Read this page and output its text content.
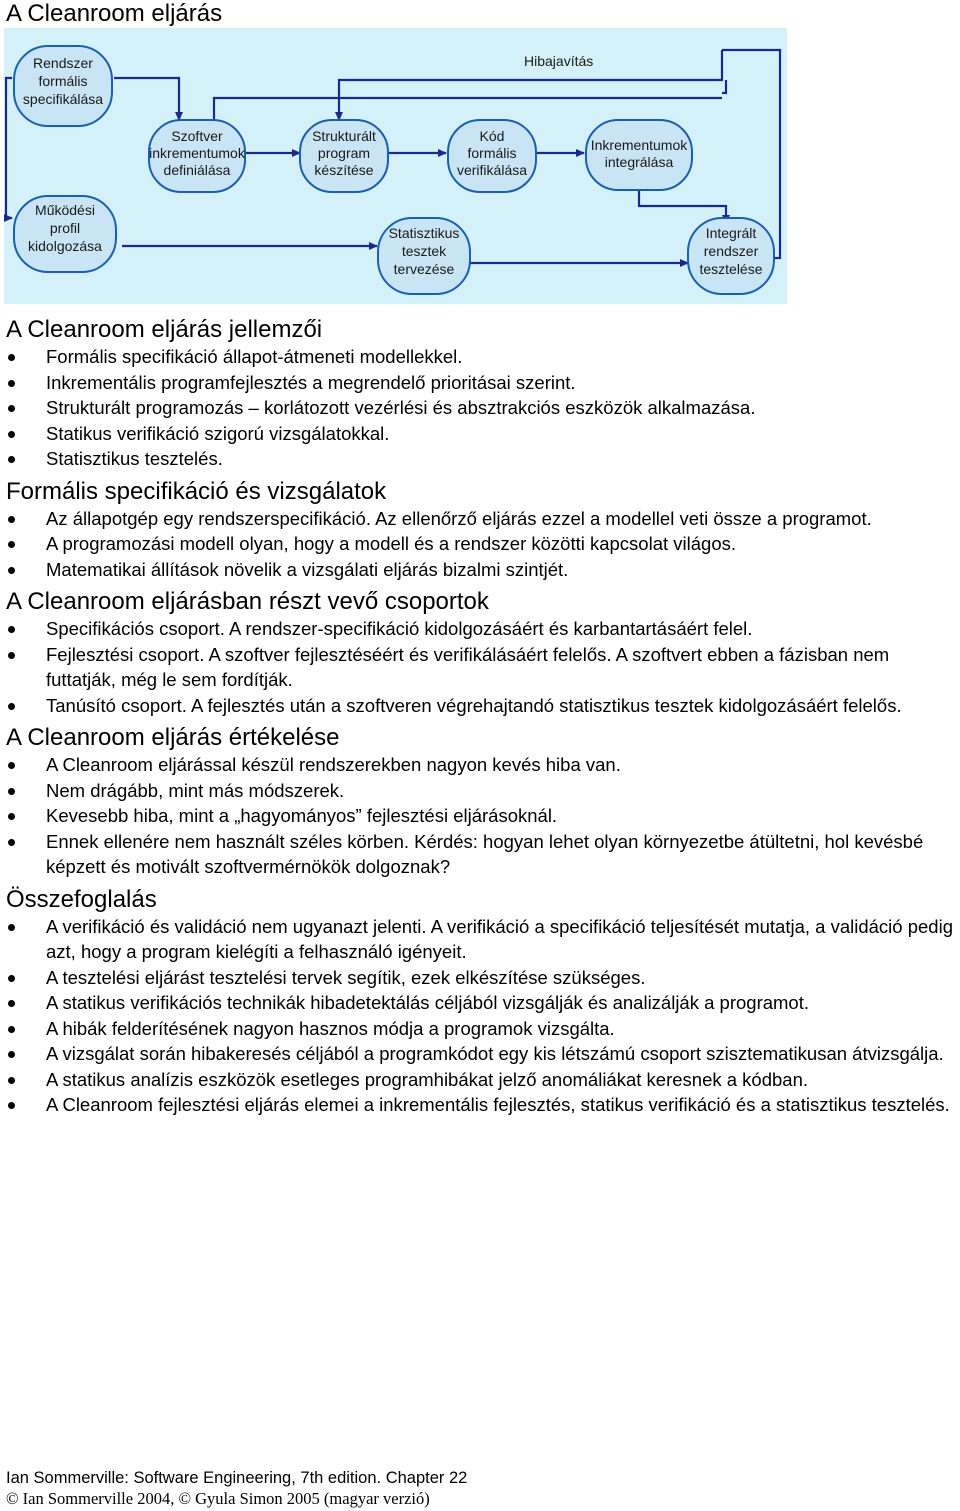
A Cleanroom eljárás
Hibajavítás
Rendszer
formális
specifikálása
Szoftver
inkrementumok
definiálása
Strukturált
program
készítése
Kód
formális
verifikálása
Inkrementumok
integrálása
Működési
profil
kidolgozása
Statisztikus
tesztek
tervezése
Integrált
rendszer
tesztelése
A Cleanroom eljárás jellemzői
Formális specifikáció állapot-átmeneti modellekkel.
Inkrementális programfejlesztés a megrendelő prioritásai szerint.
Strukturált programozás – korlátozott vezérlési és absztrakciós eszközök alkalmazása.
Statikus verifikáció szigorú vizsgálatokkal.
Statisztikus tesztelés.
Formális specifikáció és vizsgálatok
Az állapotgép egy rendszerspecifikáció. Az ellenőrző eljárás ezzel a modellel veti össze a programot.
A programozási modell olyan, hogy a modell és a rendszer közötti kapcsolat világos.
Matematikai állítások növelik a vizsgálati eljárás bizalmi szintjét.
A Cleanroom eljárásban részt vevő csoportok
Specifikációs csoport. A rendszer-specifikáció kidolgozásáért és karbantartásáért felel.
Fejlesztési csoport. A szoftver fejlesztéséért és verifikálásáért felelős. A szoftvert ebben a fázisban nem futtatják, még le sem fordítják.
Tanúsító csoport. A fejlesztés után a szoftveren végrehajtandó statisztikus tesztek kidolgozásáért felelős.
A Cleanroom eljárás értékelése
A Cleanroom eljárással készül rendszerekben nagyon kevés hiba van.
Nem drágább, mint más módszerek.
Kevesebb hiba, mint a „hagyományos” fejlesztési eljárásoknál.
Ennek ellenére nem használt széles körben. Kérdés: hogyan lehet olyan környezetbe átültetni, hol kevésbé képzett és motivált szoftvermérnökök dolgoznak?
Összefoglalás
A verifikáció és validáció nem ugyanazt jelenti. A verifikáció a specifikáció teljesítését mutatja, a validáció pedig azt, hogy a program kielégíti a felhasználó igényeit.
A tesztelési eljárást tesztelési tervek segítik, ezek elkészítése szükséges.
A statikus verifikációs technikák hibadetektálás céljából vizsgálják és analizálják a programot.
A hibák felderítésének nagyon hasznos módja a programok vizsgálta.
A vizsgálat során hibakeresés céljából a programkódot egy kis létszámú csoport szisztematikusan átvizsgálja.
A statikus analízis eszközök esetleges programhibákat jelző anomáliákat keresnek a kódban.
A Cleanroom fejlesztési eljárás elemei a inkrementális fejlesztés, statikus verifikáció és a statisztikus tesztelés.
Ian Sommerville: Software Engineering, 7th edition. Chapter 22
© Ian Sommerville 2004, © Gyula Simon 2005 (magyar verzió)
